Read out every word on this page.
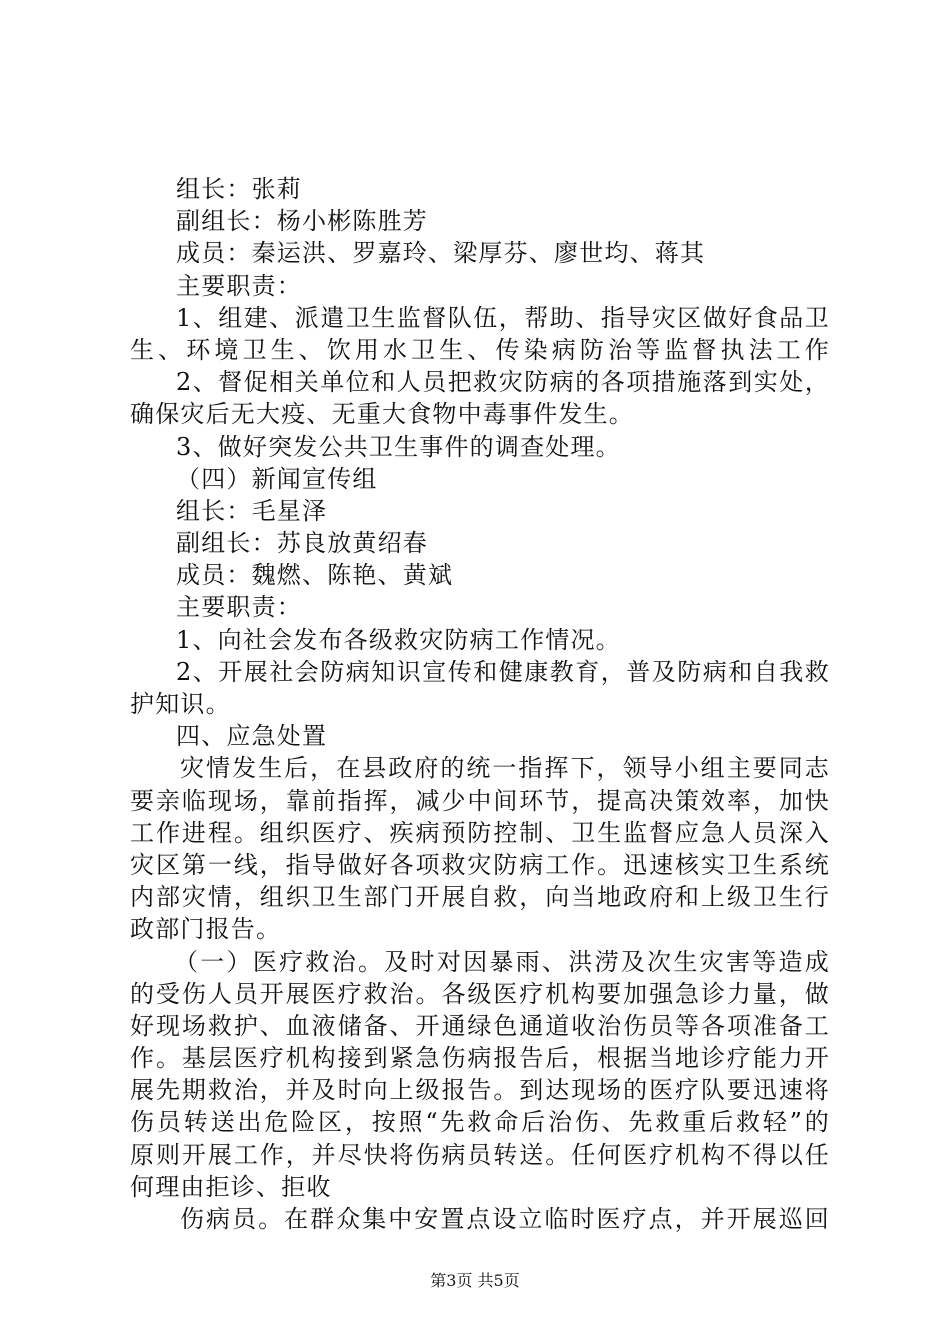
组长：张莉
副组长：杨小彬陈胜芳
成员：秦运洪、罗嘉玲、梁厚芬、廖世均、蒋其
主要职责：
1、组建、派遣卫生监督队伍，帮助、指导灾区做好食品卫
生、环境卫生、饮用水卫生、传染病防治等监督执法工作
2、督促相关单位和人员把救灾防病的各项措施落到实处，
确保灾后无大疫、无重大食物中毒事件发生。
3、做好突发公共卫生事件的调查处理。
（四）新闻宣传组
组长：毛星泽
副组长：苏良放黄绍春
成员：魏燃、陈艳、黄斌
主要职责：
1、向社会发布各级救灾防病工作情况。
2、开展社会防病知识宣传和健康教育，普及防病和自我救
护知识。
四、应急处置
灾情发生后，在县政府的统一指挥下，领导小组主要同志
要亲临现场，靠前指挥，减少中间环节，提高决策效率，加快
工作进程。组织医疗、疾病预防控制、卫生监督应急人员深入
灾区第一线，指导做好各项救灾防病工作。迅速核实卫生系统
内部灾情，组织卫生部门开展自救，向当地政府和上级卫生行
政部门报告。
（一）医疗救治。及时对因暴雨、洪涝及次生灾害等造成
的受伤人员开展医疗救治。各级医疗机构要加强急诊力量，做
好现场救护、血液储备、开通绿色通道收治伤员等各项准备工
作。基层医疗机构接到紧急伤病报告后，根据当地诊疗能力开
展先期救治，并及时向上级报告。到达现场的医疗队要迅速将
伤员转送出危险区，按照“先救命后治伤、先救重后救轻”的
原则开展工作，并尽快将伤病员转送。任何医疗机构不得以任
何理由拒诊、拒收
伤病员。在群众集中安置点设立临时医疗点，并开展巡回
第3页 共5页
